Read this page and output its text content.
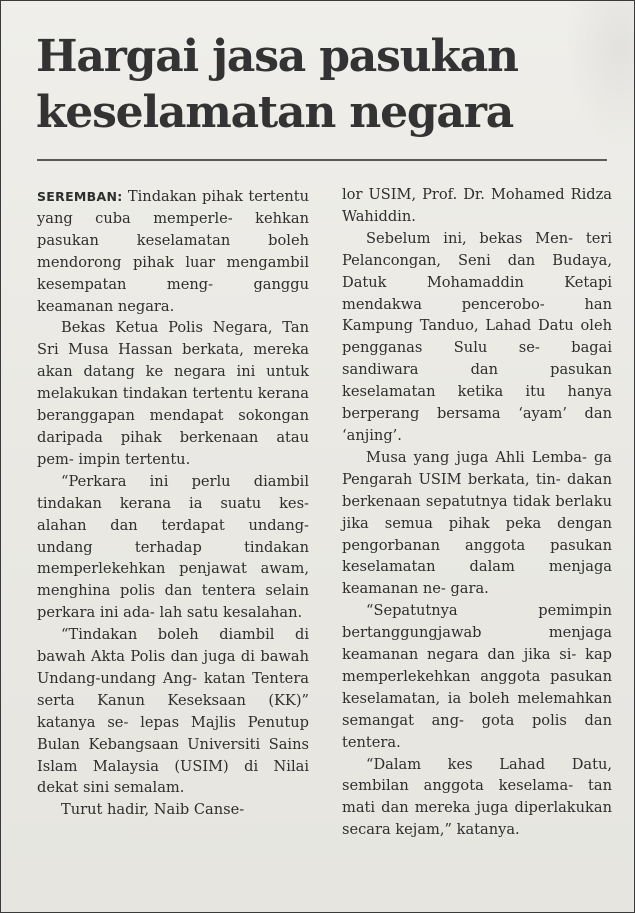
Hargai jasa pasukan keselamatan negara

SEREMBAN: Tindakan pihak tertentu yang cuba memperle- kehkan pasukan keselamatan boleh mendorong pihak luar mengambil kesempatan meng- ganggu keamanan negara.

Bekas Ketua Polis Negara, Tan Sri Musa Hassan berkata, mereka akan datang ke negara ini untuk melakukan tindakan tertentu kerana beranggapan mendapat sokongan daripada pihak berkenaan atau pem- impin tertentu.

“Perkara ini perlu diambil tindakan kerana ia suatu kes- alahan dan terdapat undang- undang terhadap tindakan memperlekehkan penjawat awam, menghina polis dan tentera selain perkara ini ada- lah satu kesalahan.

“Tindakan boleh diambil di bawah Akta Polis dan juga di bawah Undang-undang Ang- katan Tentera serta Kanun Keseksaan (KK)” katanya se- lepas Majlis Penutup Bulan Kebangsaan Universiti Sains Islam Malaysia (USIM) di Nilai dekat sini semalam.

Turut hadir, Naib Canse-

lor USIM, Prof. Dr. Mohamed Ridza Wahiddin.

Sebelum ini, bekas Men- teri Pelancongan, Seni dan Budaya, Datuk Mohamaddin Ketapi mendakwa pencerobo- han Kampung Tanduo, Lahad Datu oleh pengganas Sulu se- bagai sandiwara dan pasukan keselamatan ketika itu hanya berperang bersama ‘ayam’ dan ‘anjing’.

Musa yang juga Ahli Lemba- ga Pengarah USIM berkata, tin- dakan berkenaan sepatutnya tidak berlaku jika semua pihak peka dengan pengorbanan anggota pasukan keselamatan dalam menjaga keamanan ne- gara.

“Sepatutnya pemimpin bertanggungjawab menjaga keamanan negara dan jika si- kap memperlekehkan anggota pasukan keselamatan, ia boleh melemahkan semangat ang- gota polis dan tentera.

“Dalam kes Lahad Datu, sembilan anggota keselama- tan mati dan mereka juga diperlakukan secara kejam,” katanya.
